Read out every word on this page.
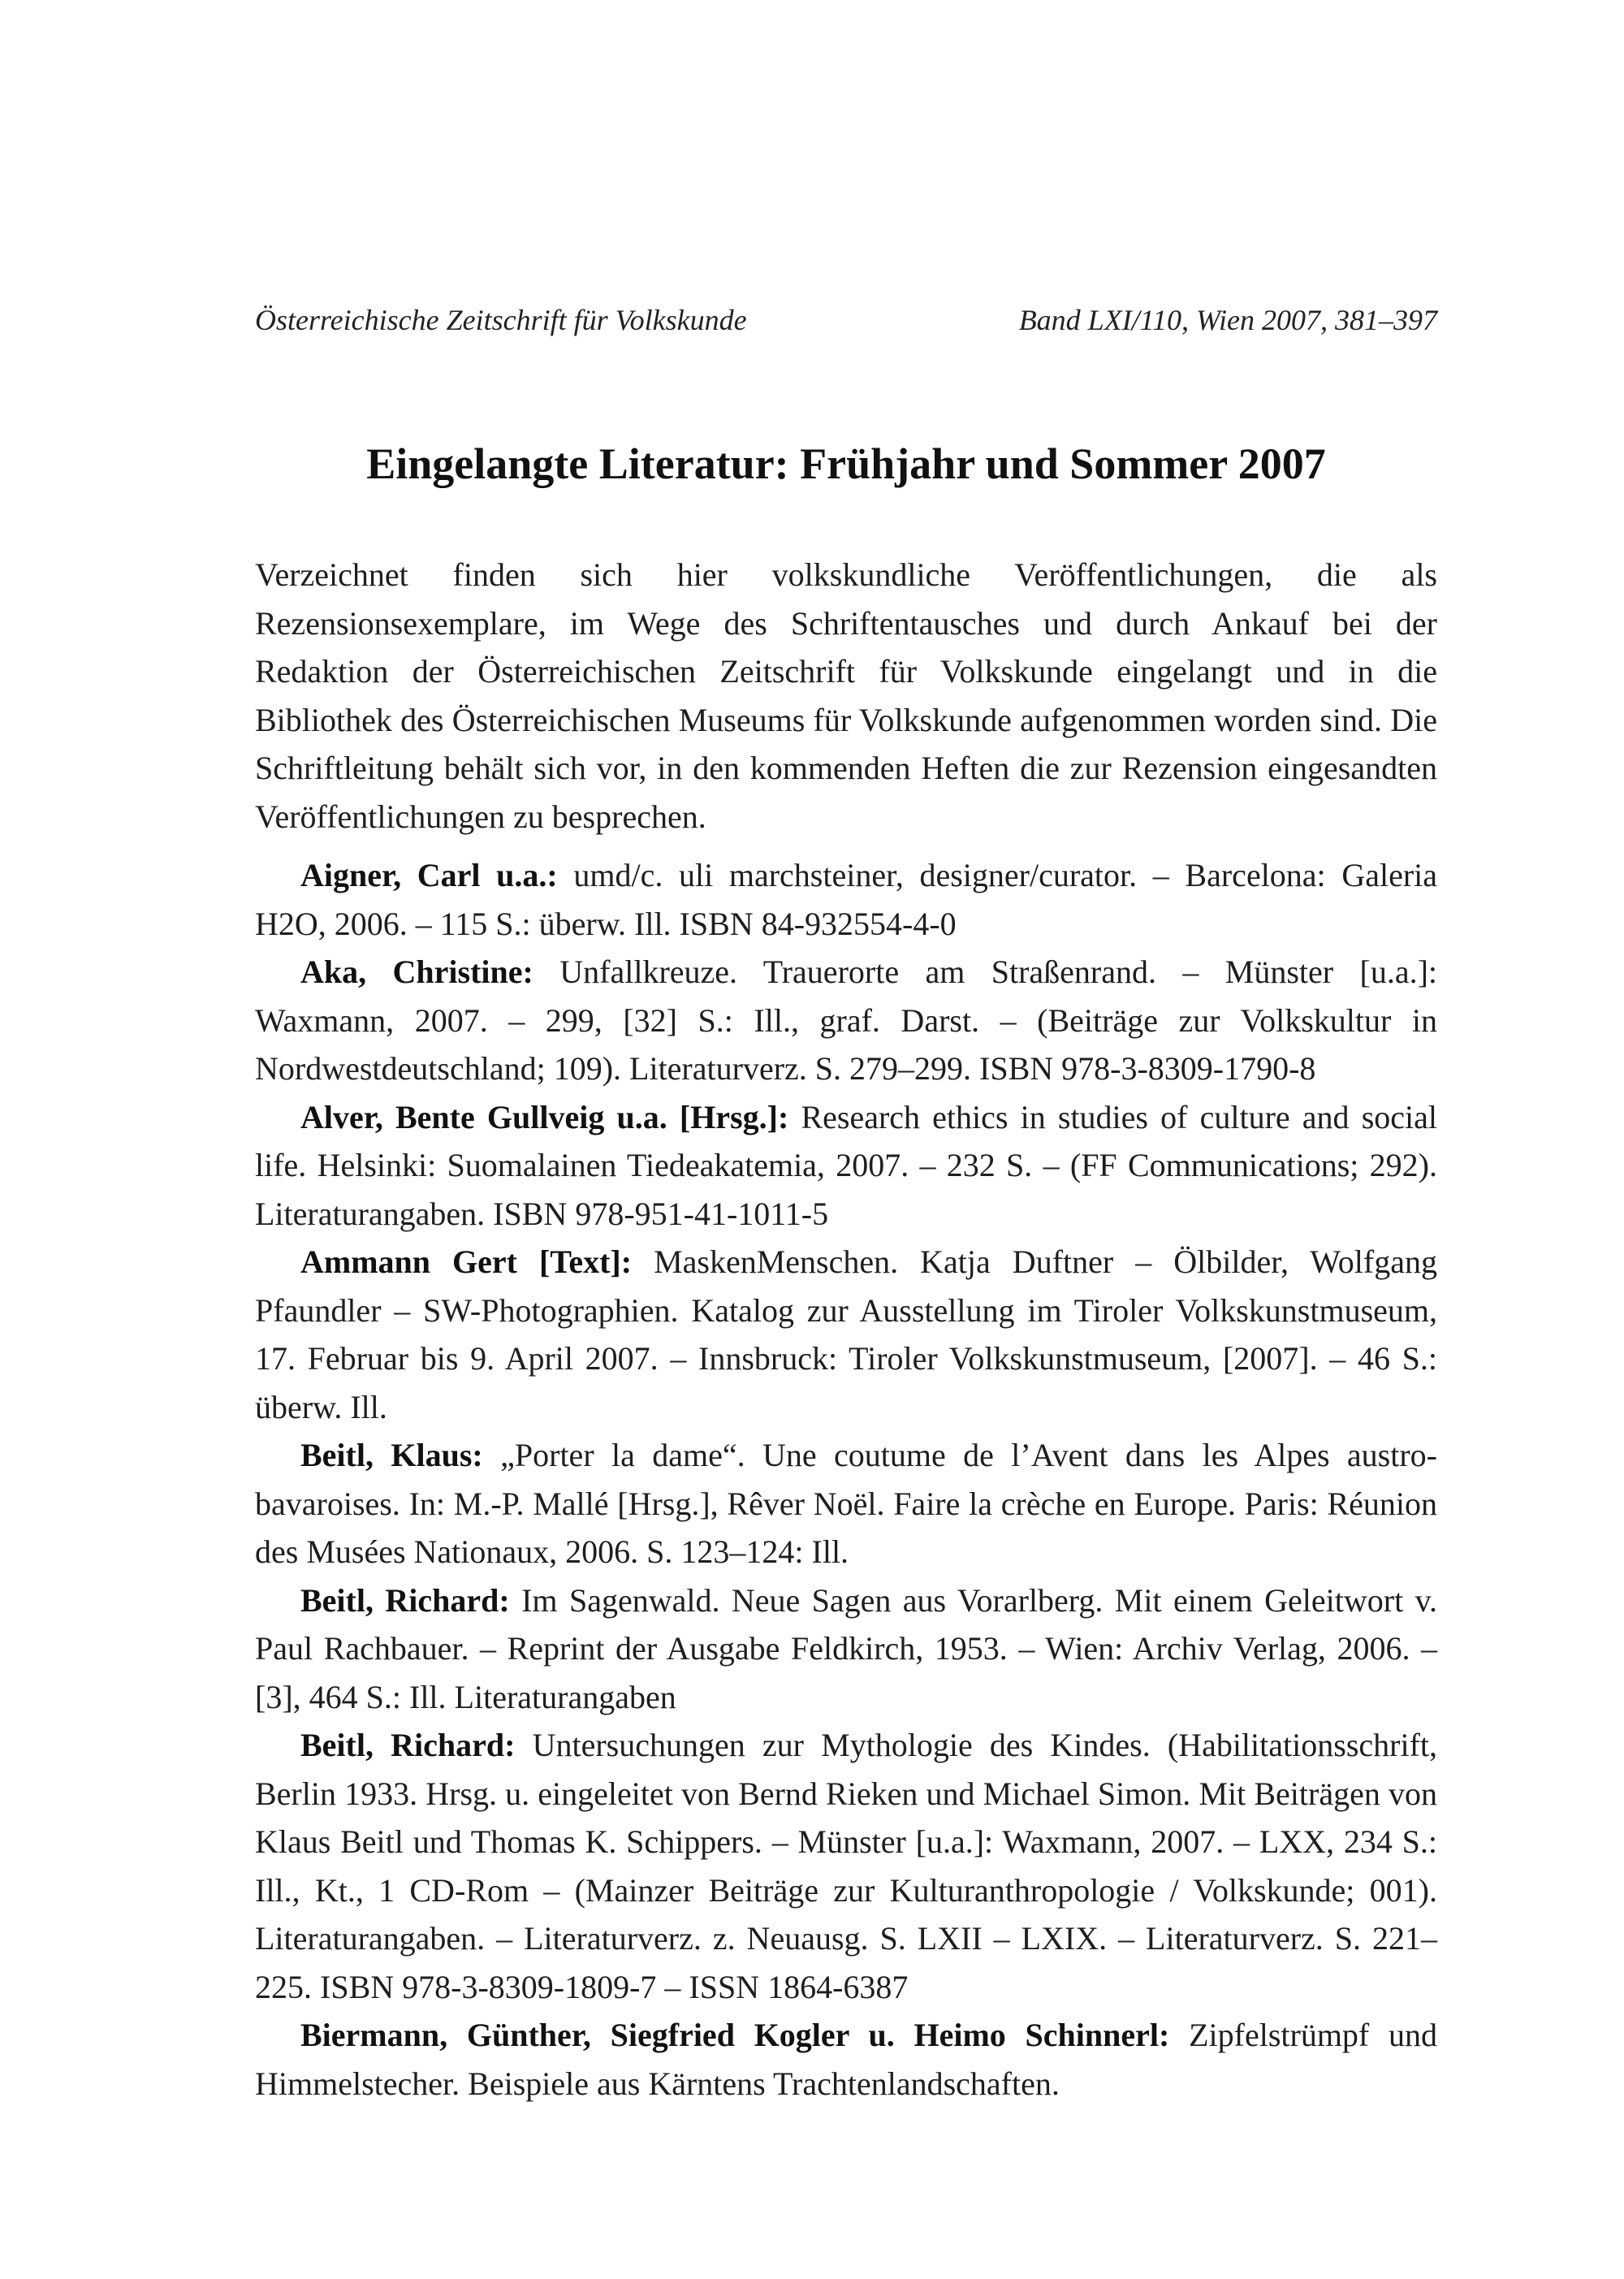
Österreichische Zeitschrift für Volkskunde	Band LXI/110, Wien 2007, 381–397
Eingelangte Literatur: Frühjahr und Sommer 2007

Verzeichnet finden sich hier volkskundliche Veröffentlichungen, die als Rezensionsexemplare, im Wege des Schriftentausches und durch Ankauf bei der Redaktion der Österreichischen Zeitschrift für Volkskunde eingelangt und in die Bibliothek des Österreichischen Museums für Volkskunde aufgenommen worden sind. Die Schriftleitung behält sich vor, in den kommenden Heften die zur Rezension eingesandten Veröffentlichungen zu besprechen.

Aigner, Carl u.a.: umd/c. uli marchsteiner, designer/curator. – Barcelona: Galeria H2O, 2006. – 115 S.: überw. Ill. ISBN 84-932554-4-0
Aka, Christine: Unfallkreuze. Trauerorte am Straßenrand. – Münster [u.a.]: Waxmann, 2007. – 299, [32] S.: Ill., graf. Darst. – (Beiträge zur Volkskultur in Nordwestdeutschland; 109). Literaturverz. S. 279–299. ISBN 978-3-8309-1790-8
Alver, Bente Gullveig u.a. [Hrsg.]: Research ethics in studies of culture and social life. Helsinki: Suomalainen Tiedeakatemia, 2007. – 232 S. – (FF Communications; 292). Literaturangaben. ISBN 978-951-41-1011-5
Ammann Gert [Text]: MaskenMenschen. Katja Duftner – Ölbilder, Wolfgang Pfaundler – SW-Photographien. Katalog zur Ausstellung im Tiroler Volkskunstmuseum, 17. Februar bis 9. April 2007. – Innsbruck: Tiroler Volkskunstmuseum, [2007]. – 46 S.: überw. Ill.
Beitl, Klaus: „Porter la dame“. Une coutume de l’Avent dans les Alpes austro-bavaroises. In: M.-P. Mallé [Hrsg.], Rêver Noël. Faire la crèche en Europe. Paris: Réunion des Musées Nationaux, 2006. S. 123–124: Ill.
Beitl, Richard: Im Sagenwald. Neue Sagen aus Vorarlberg. Mit einem Geleitwort v. Paul Rachbauer. – Reprint der Ausgabe Feldkirch, 1953. – Wien: Archiv Verlag, 2006. – [3], 464 S.: Ill. Literaturangaben
Beitl, Richard: Untersuchungen zur Mythologie des Kindes. (Habilitationsschrift, Berlin 1933. Hrsg. u. eingeleitet von Bernd Rieken und Michael Simon. Mit Beiträgen von Klaus Beitl und Thomas K. Schippers. – Münster [u.a.]: Waxmann, 2007. – LXX, 234 S.: Ill., Kt., 1 CD-Rom – (Mainzer Beiträge zur Kulturanthropologie / Volkskunde; 001). Literaturangaben. – Literaturverz. z. Neuausg. S. LXII – LXIX. – Literaturverz. S. 221–225. ISBN 978-3-8309-1809-7 – ISSN 1864-6387
Biermann, Günther, Siegfried Kogler u. Heimo Schinnerl: Zipfelstrümpf und Himmelstecher. Beispiele aus Kärntens Trachtenlandschaften.
